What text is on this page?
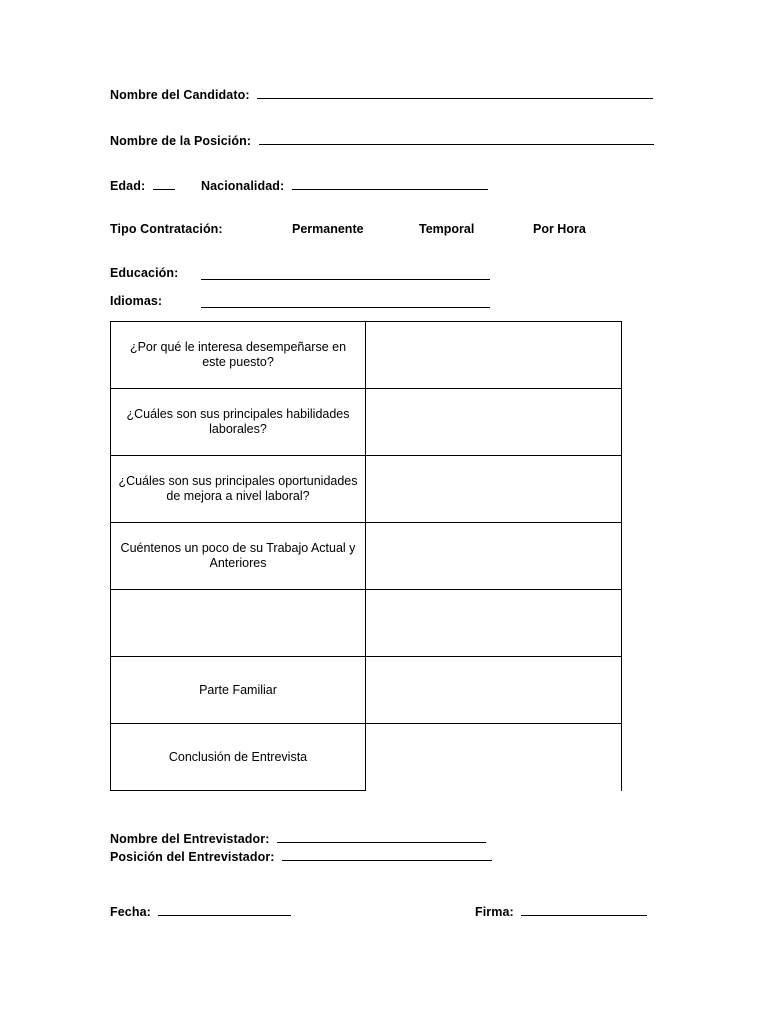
Nombre del Candidato:
Nombre de la Posición:
Edad:	Nacionalidad:
Tipo Contratación:	Permanente	Temporal	Por Hora
Educación:
Idiomas:
¿Por qué le interesa desempeñarse en este puesto?	
¿Cuáles son sus principales habilidades laborales?	
¿Cuáles son sus principales oportunidades de mejora a nivel laboral?	
Cuéntenos un poco de su Trabajo Actual y Anteriores	

Parte Familiar	
Conclusión de Entrevista	
Nombre del Entrevistador:
Posición del Entrevistador:
Fecha:	Firma:
